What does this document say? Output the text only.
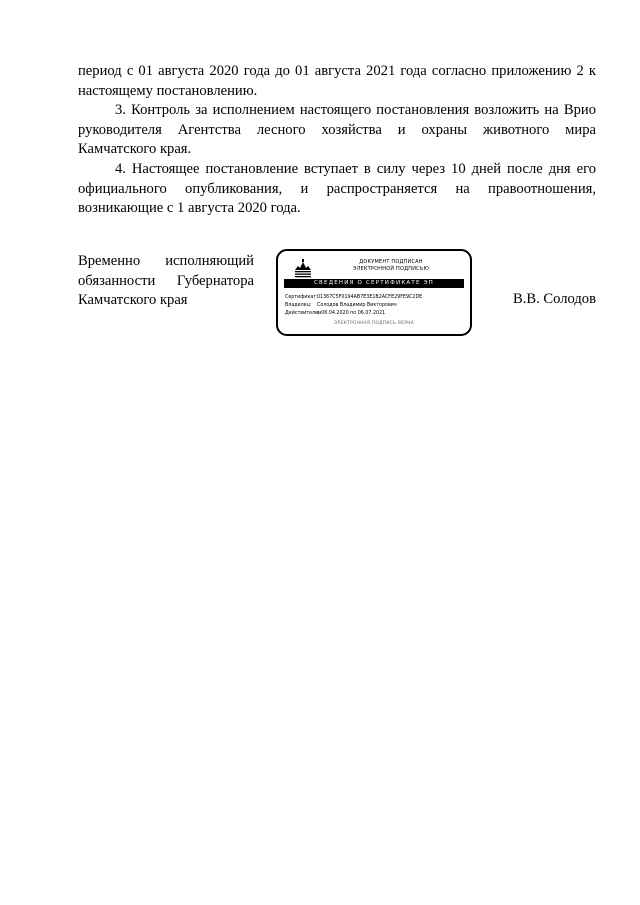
период с 01 августа 2020 года до 01 августа 2021 года согласно приложению 2 к
настоящему постановлению.
3. Контроль за исполнением настоящего постановления возложить на Врио
руководителя Агентства лесного хозяйства и охраны животного мира
Камчатского края.
4. Настоящее постановление вступает в силу через 10 дней после дня его
официального опубликования, и распространяется на правоотношения,
возникающие с 1 августа 2020 года.
Временно исполняющий
обязанности Губернатора
Камчатского края
ДОКУМЕНТ ПОДПИСАН
ЭЛЕКТРОННОЙ ПОДПИСЬЮ
СВЕДЕНИЯ О СЕРТИФИКАТЕ ЭП
Сертификат:01367C5F0194AB7E3E1B2ACFE29FE9C2DE
Владелец: Солодов Владимир Викторович
Действителенс 06.04.2020 по 06.07.2021
ЭЛЕКТРОННАЯ ПОДПИСЬ ВЕРНА
В.В. Солодов
